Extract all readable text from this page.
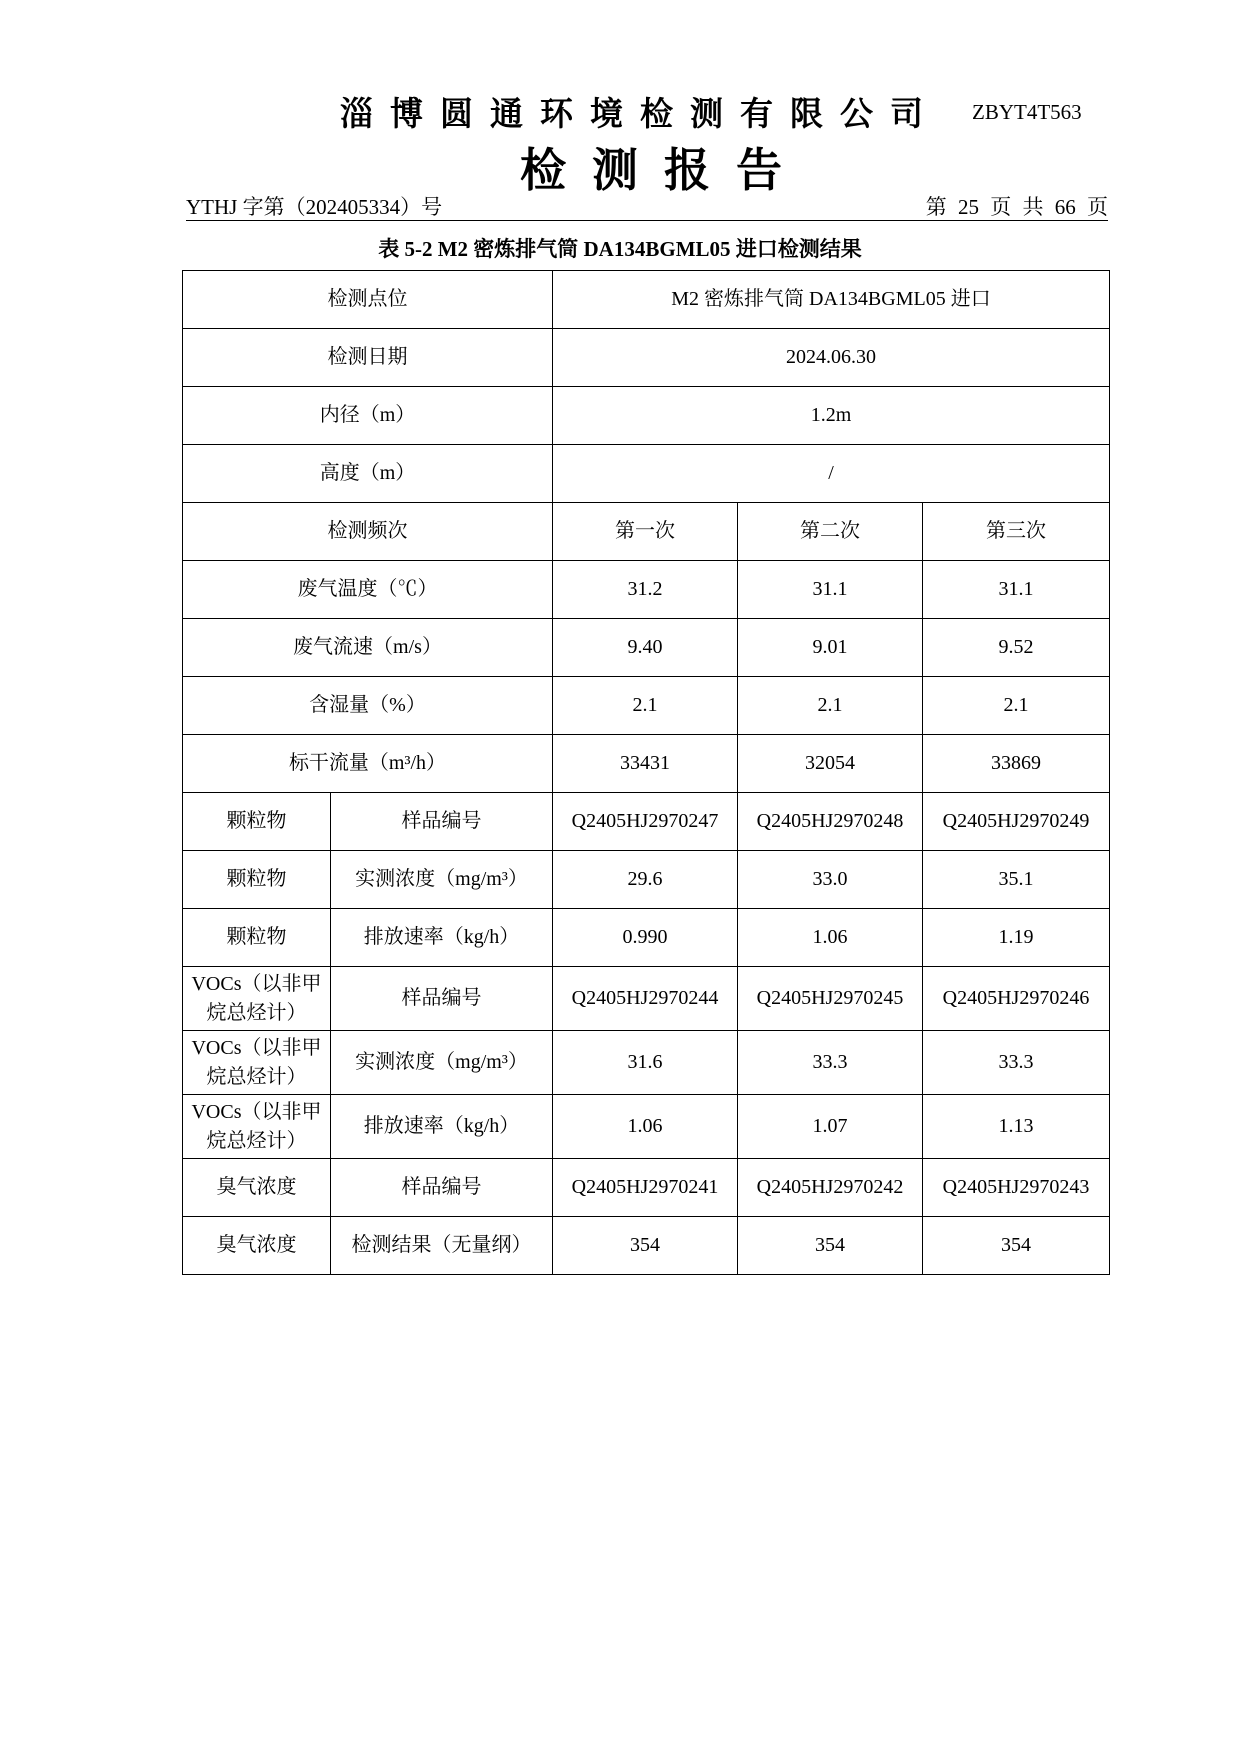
淄博圆通环境检测有限公司 ZBYT4T563
检测报告
YTHJ 字第（202405334）号	第 25 页 共 66 页
表 5-2 M2 密炼排气筒 DA134BGML05 进口检测结果
检测点位		M2 密炼排气筒 DA134BGML05 进口		
检测日期		2024.06.30		
内径（m）		1.2m		
高度（m）		/		
检测频次		第一次	第二次	第三次
废气温度（℃）		31.2	31.1	31.1
废气流速（m/s）		9.40	9.01	9.52
含湿量（%）		2.1	2.1	2.1
标干流量（m³/h）		33431	32054	33869
颗粒物	样品编号	Q2405HJ2970247	Q2405HJ2970248	Q2405HJ2970249
颗粒物	实测浓度（mg/m³）	29.6	33.0	35.1
颗粒物	排放速率（kg/h）	0.990	1.06	1.19
VOCs（以非甲烷总烃计）	样品编号	Q2405HJ2970244	Q2405HJ2970245	Q2405HJ2970246
VOCs（以非甲烷总烃计）	实测浓度（mg/m³）	31.6	33.3	33.3
VOCs（以非甲烷总烃计）	排放速率（kg/h）	1.06	1.07	1.13
臭气浓度	样品编号	Q2405HJ2970241	Q2405HJ2970242	Q2405HJ2970243
臭气浓度	检测结果（无量纲）	354	354	354
